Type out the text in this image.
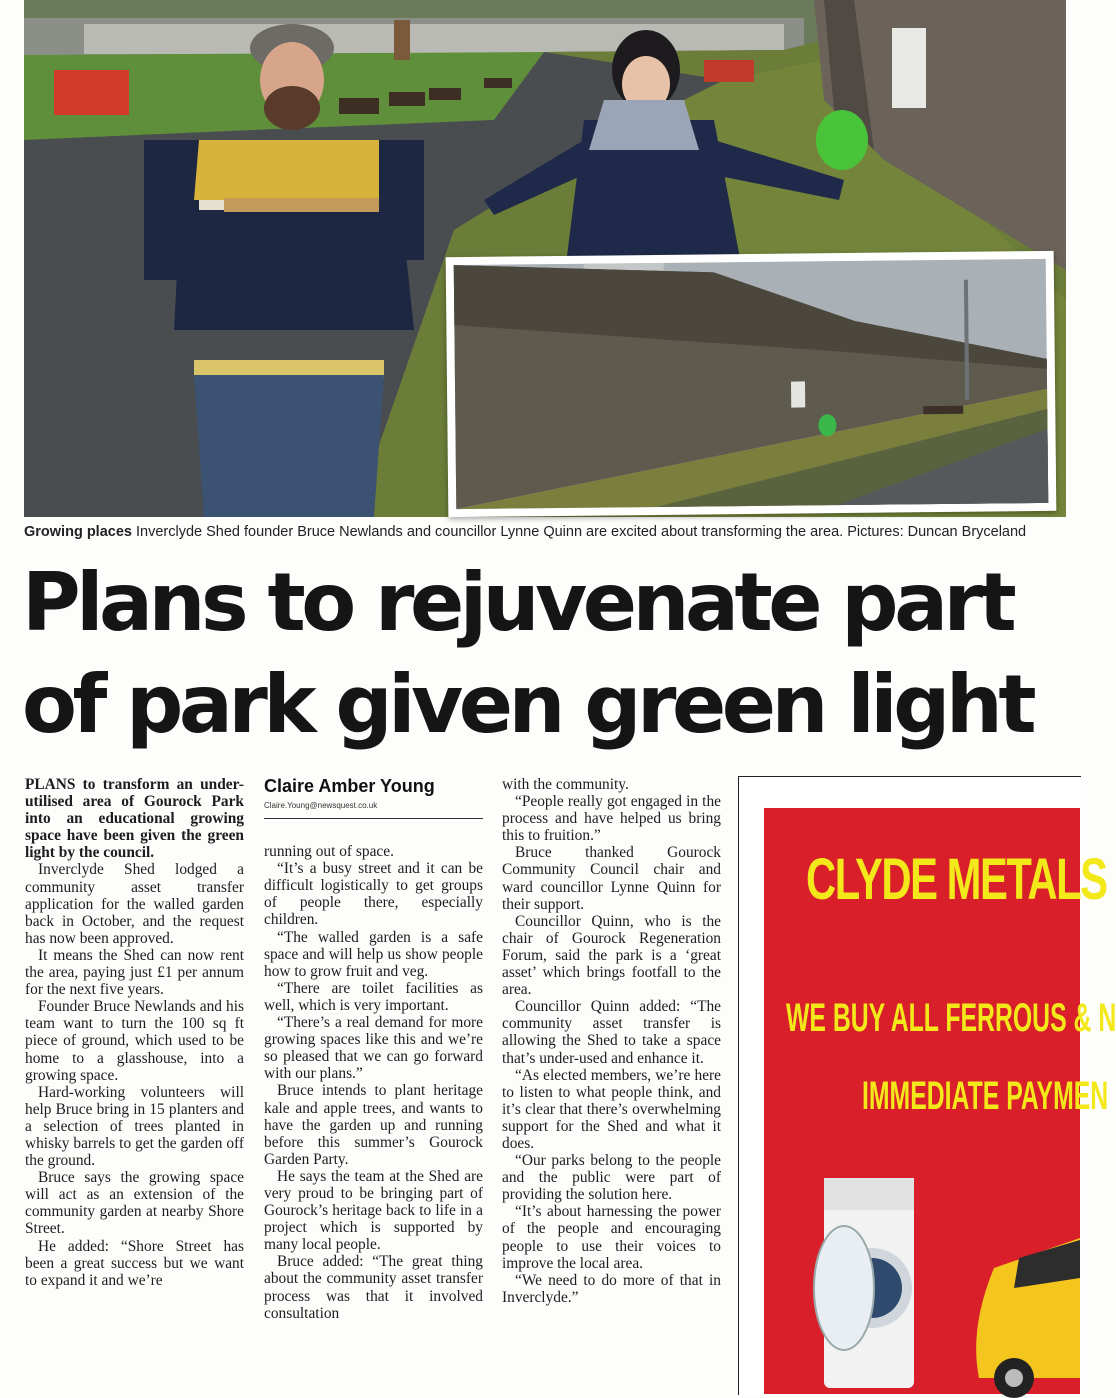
Growing places Inverclyde Shed founder Bruce Newlands and councillor Lynne Quinn are excited about transforming the area. Pictures: Duncan Bryceland
Plans to rejuvenate part
of park given green light

PLANS to transform an under-utilised area of Gourock Park into an educational growing space have been given the green light by the council.

Inverclyde Shed lodged a community asset transfer application for the walled garden back in October, and the request has now been approved.

It means the Shed can now rent the area, paying just £1 per annum for the next five years.

Founder Bruce Newlands and his team want to turn the 100 sq ft piece of ground, which used to be home to a glasshouse, into a growing space.

Hard-working volunteers will help Bruce bring in 15 planters and a selection of trees planted in whisky barrels to get the garden off the ground.

Bruce says the growing space will act as an extension of the community garden at nearby Shore Street.

He added: “Shore Street has been a great success but we want to expand it and we’re

Claire Amber Young
Claire.Young@newsquest.co.uk

running out of space.

“It’s a busy street and it can be difficult logistically to get groups of people there, especially children.

“The walled garden is a safe space and will help us show people how to grow fruit and veg.

“There are toilet facilities as well, which is very important.

“There’s a real demand for more growing spaces like this and we’re so pleased that we can go forward with our plans.”

Bruce intends to plant heritage kale and apple trees, and wants to have the garden up and running before this summer’s Gourock Garden Party.

He says the team at the Shed are very proud to be bringing part of Gourock’s heritage back to life in a project which is supported by many local people.

Bruce added: “The great thing about the community asset transfer process was that it involved consultation

with the community.

“People really got engaged in the process and have helped us bring this to fruition.”

Bruce thanked Gourock Community Council chair and ward councillor Lynne Quinn for their support.

Councillor Quinn, who is the chair of Gourock Regeneration Forum, said the park is a ‘great asset’ which brings footfall to the area.

Councillor Quinn added: “The community asset transfer is allowing the Shed to take a space that’s under-used and enhance it.

“As elected members, we’re here to listen to what people think, and it’s clear that there’s overwhelming support for the Shed and what it does.

“Our parks belong to the people and the public were part of providing the solution here.

“It’s about harnessing the power of the people and encouraging people to use their voices to improve the local area.

“We need to do more of that in Inverclyde.”

CLYDE METALS
WE BUY ALL FERROUS & N
IMMEDIATE PAYMEN
